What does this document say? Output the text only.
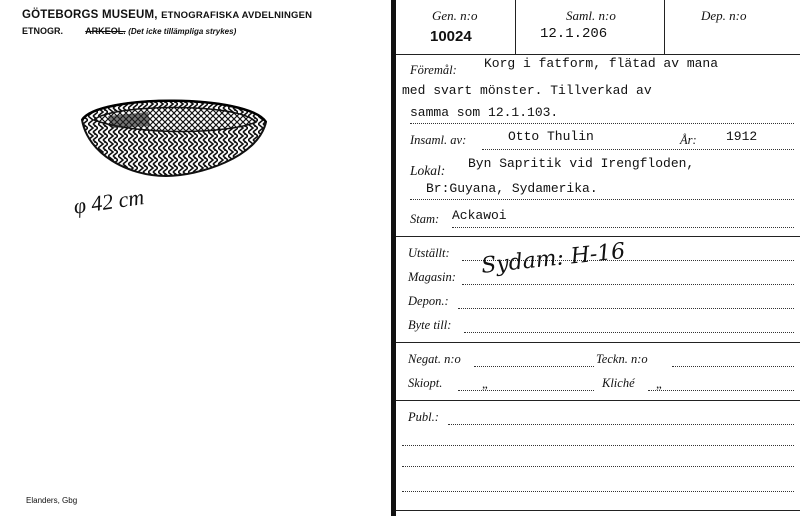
GÖTEBORGS MUSEUM, ETNOGRAFISKA AVDELNINGEN
ETNOGR. ARKEOL. (Det icke tillämpliga strykes)
φ 42 cm
Elanders, Gbg
Gen. n:o
10024
Saml. n:o
12.1.206
Dep. n:o
Föremål: Korg i fatform, flätad av mana
med svart mönster. Tillverkad av
samma som 12.1.103.
Insaml. av:	Otto Thulin	År: 1912
Lokal: Byn Sapritik vid Irengfloden,
Br:Guyana, Sydamerika.
Stam: Ackawoi
Utställt:
Magasin: Sydam: H-16
Depon.:
Byte till:
Negat. n:o	Teckn. n:o
Skiopt.	„	Kliché „
Publ.:
